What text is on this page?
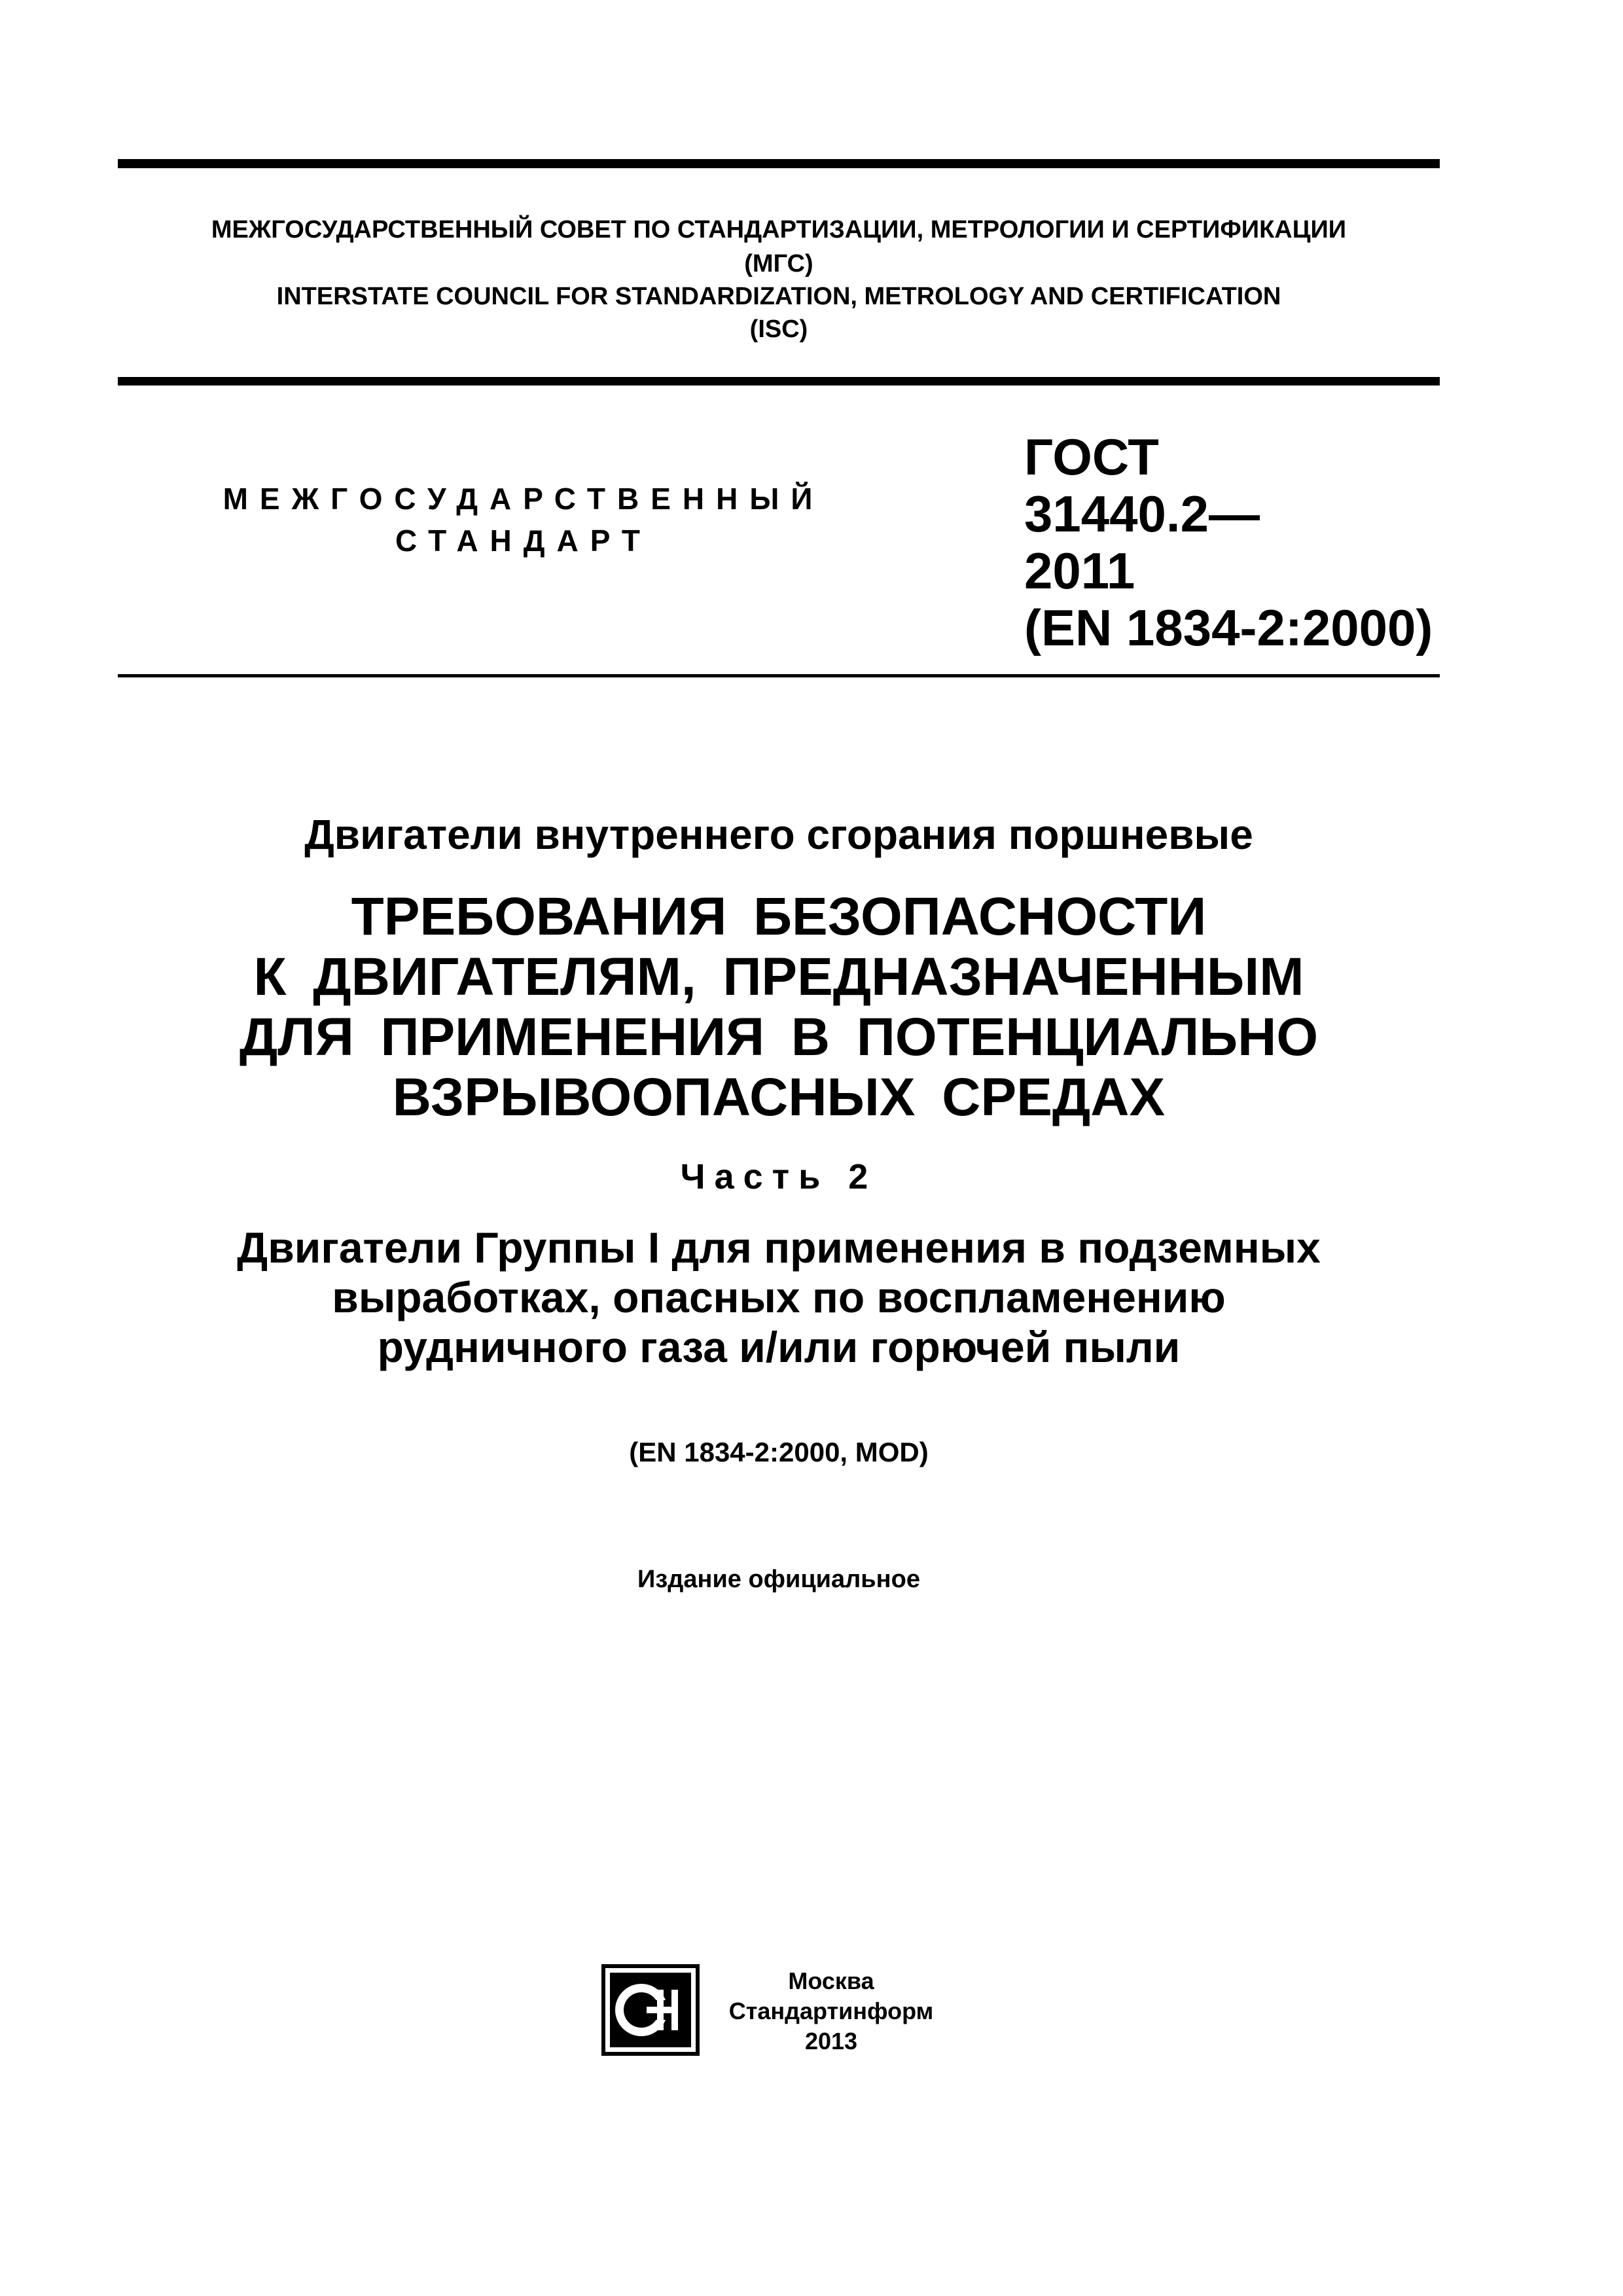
МЕЖГОСУДАРСТВЕННЫЙ СОВЕТ ПО СТАНДАРТИЗАЦИИ, МЕТРОЛОГИИ И СЕРТИФИКАЦИИ
(МГС)
INTERSTATE COUNCIL FOR STANDARDIZATION, METROLOGY AND CERTIFICATION
(ISC)
МЕЖГОСУДАРСТВЕННЫЙ
СТАНДАРТ
ГОСТ
31440.2—
2011
(EN 1834-2:2000)
Двигатели внутреннего сгорания поршневые
ТРЕБОВАНИЯ БЕЗОПАСНОСТИ
К ДВИГАТЕЛЯМ, ПРЕДНАЗНАЧЕННЫМ
ДЛЯ ПРИМЕНЕНИЯ В ПОТЕНЦИАЛЬНО
ВЗРЫВООПАСНЫХ СРЕДАХ
Часть 2
Двигатели Группы I для применения в подземных
выработках, опасных по воспламенению
рудничного газа и/или горючей пыли
(EN 1834-2:2000, MOD)
Издание официальное
Москва
Стандартинформ
2013
